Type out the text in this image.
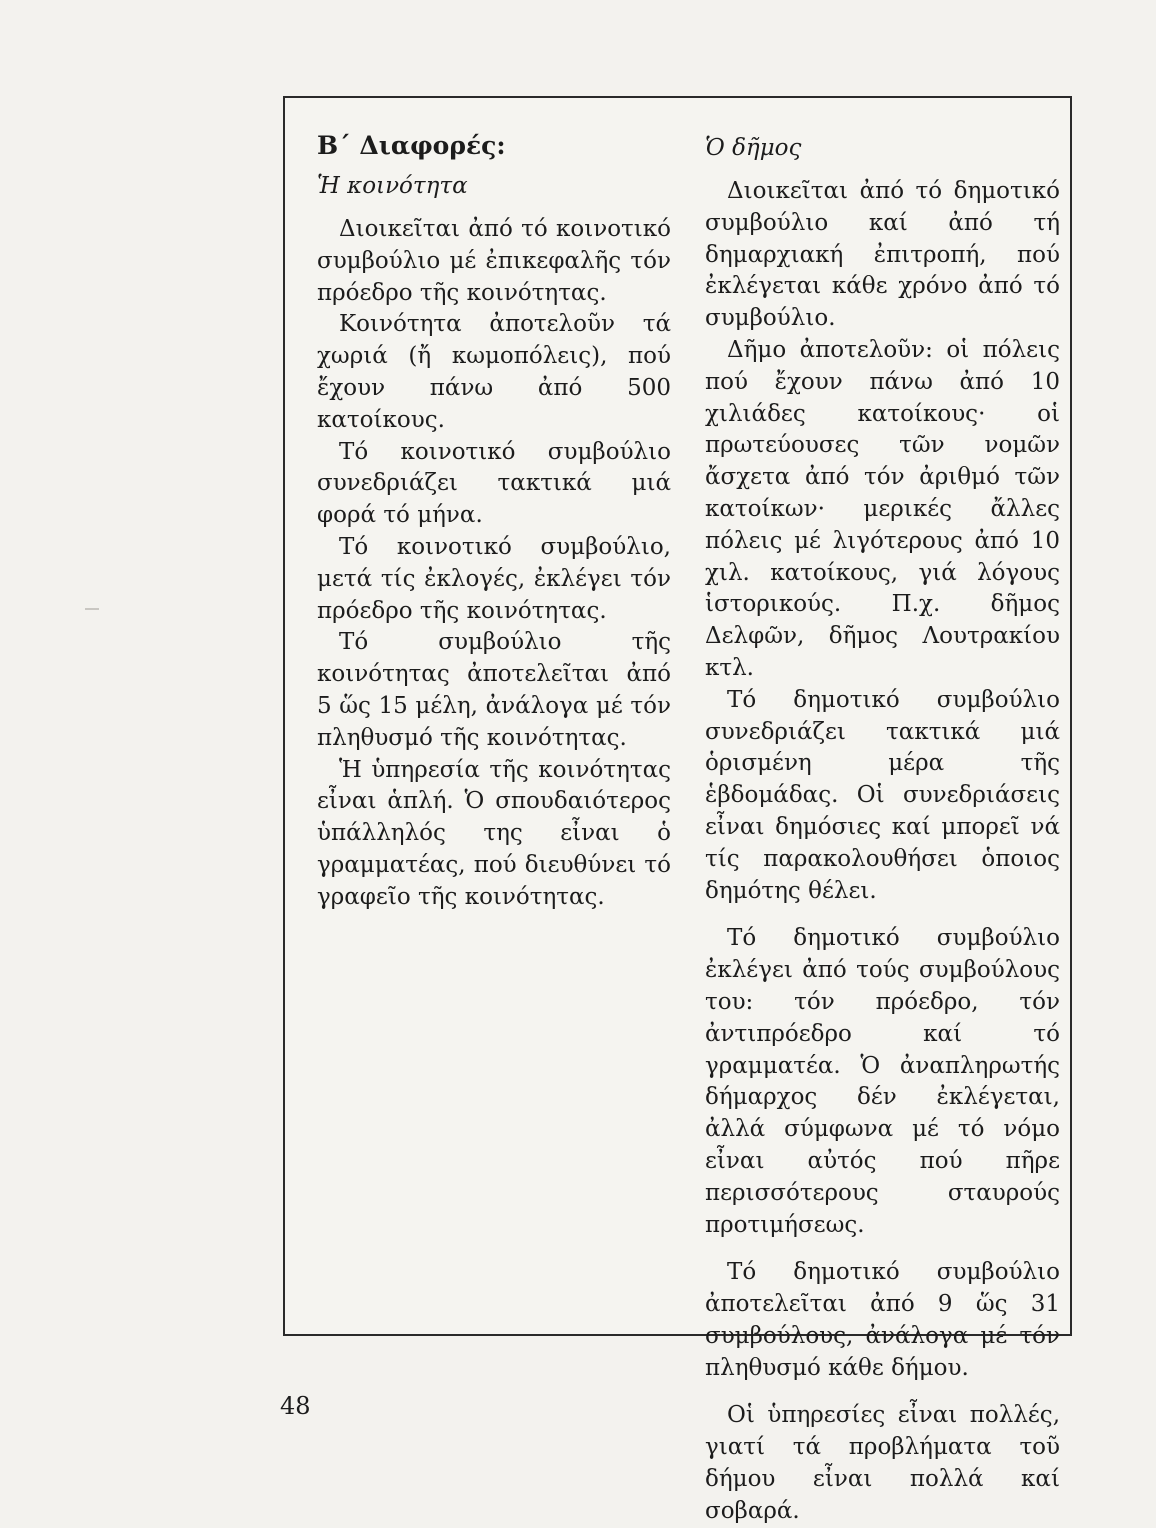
Β΄ Διαφορές:
Ἡ κοινότητα

Διοικεῖται ἀπό τό κοινοτικό συμβούλιο μέ ἐπικεφαλῆς τόν πρόεδρο τῆς κοινότητας.

Κοινότητα ἀποτελοῦν τά χωριά (ἤ κωμοπόλεις), πού ἔχουν πάνω ἀπό 500 κατοίκους.

Τό κοινοτικό συμβούλιο συνεδριάζει τακτικά μιά φορά τό μήνα.

Τό κοινοτικό συμβούλιο, μετά τίς ἐκλογές, ἐκλέγει τόν πρόεδρο τῆς κοινότητας.

Τό συμβούλιο τῆς κοινότητας ἀποτελεῖται ἀπό 5 ὥς 15 μέλη, ἀνάλογα μέ τόν πληθυσμό τῆς κοινότητας.

Ἡ ὑπηρεσία τῆς κοινότητας εἶναι ἁπλή. Ὁ σπουδαιότερος ὑπάλληλός της εἶναι ὁ γραμματέας, πού διευθύνει τό γραφεῖο τῆς κοινότητας.

Ὁ δῆμος

Διοικεῖται ἀπό τό δημοτικό συμβούλιο καί ἀπό τή δημαρχιακή ἐπιτροπή, πού ἐκλέγεται κάθε χρόνο ἀπό τό συμβούλιο.

Δῆμο ἀποτελοῦν: οἱ πόλεις πού ἔχουν πάνω ἀπό 10 χιλιάδες κατοίκους· οἱ πρωτεύουσες τῶν νομῶν ἄσχετα ἀπό τόν ἀριθμό τῶν κατοίκων· μερικές ἄλλες πόλεις μέ λιγότερους ἀπό 10 χιλ. κατοίκους, γιά λόγους ἱστορικούς. Π.χ. δῆμος Δελφῶν, δῆμος Λουτρακίου κτλ.

Τό δημοτικό συμβούλιο συνεδριάζει τακτικά μιά ὁρισμένη μέρα τῆς ἑβδομάδας. Οἱ συνεδριάσεις εἶναι δημόσιες καί μπορεῖ νά τίς παρακολουθήσει ὁποιος δημότης θέλει.

Τό δημοτικό συμβούλιο ἐκλέγει ἀπό τούς συμβούλους του: τόν πρόεδρο, τόν ἀντιπρόεδρο καί τό γραμματέα. Ὁ ἀναπληρωτής δήμαρχος δέν ἐκλέγεται, ἀλλά σύμφωνα μέ τό νόμο εἶναι αὐτός πού πῆρε περισσότερους σταυρούς προτιμήσεως.

Τό δημοτικό συμβούλιο ἀποτελεῖται ἀπό 9 ὥς 31 συμβούλους, ἀνάλογα μέ τόν πληθυσμό κάθε δήμου.

Οἱ ὑπηρεσίες εἶναι πολλές, γιατί τά προβλήματα τοῦ δήμου εἶναι πολλά καί σοβαρά.

48
